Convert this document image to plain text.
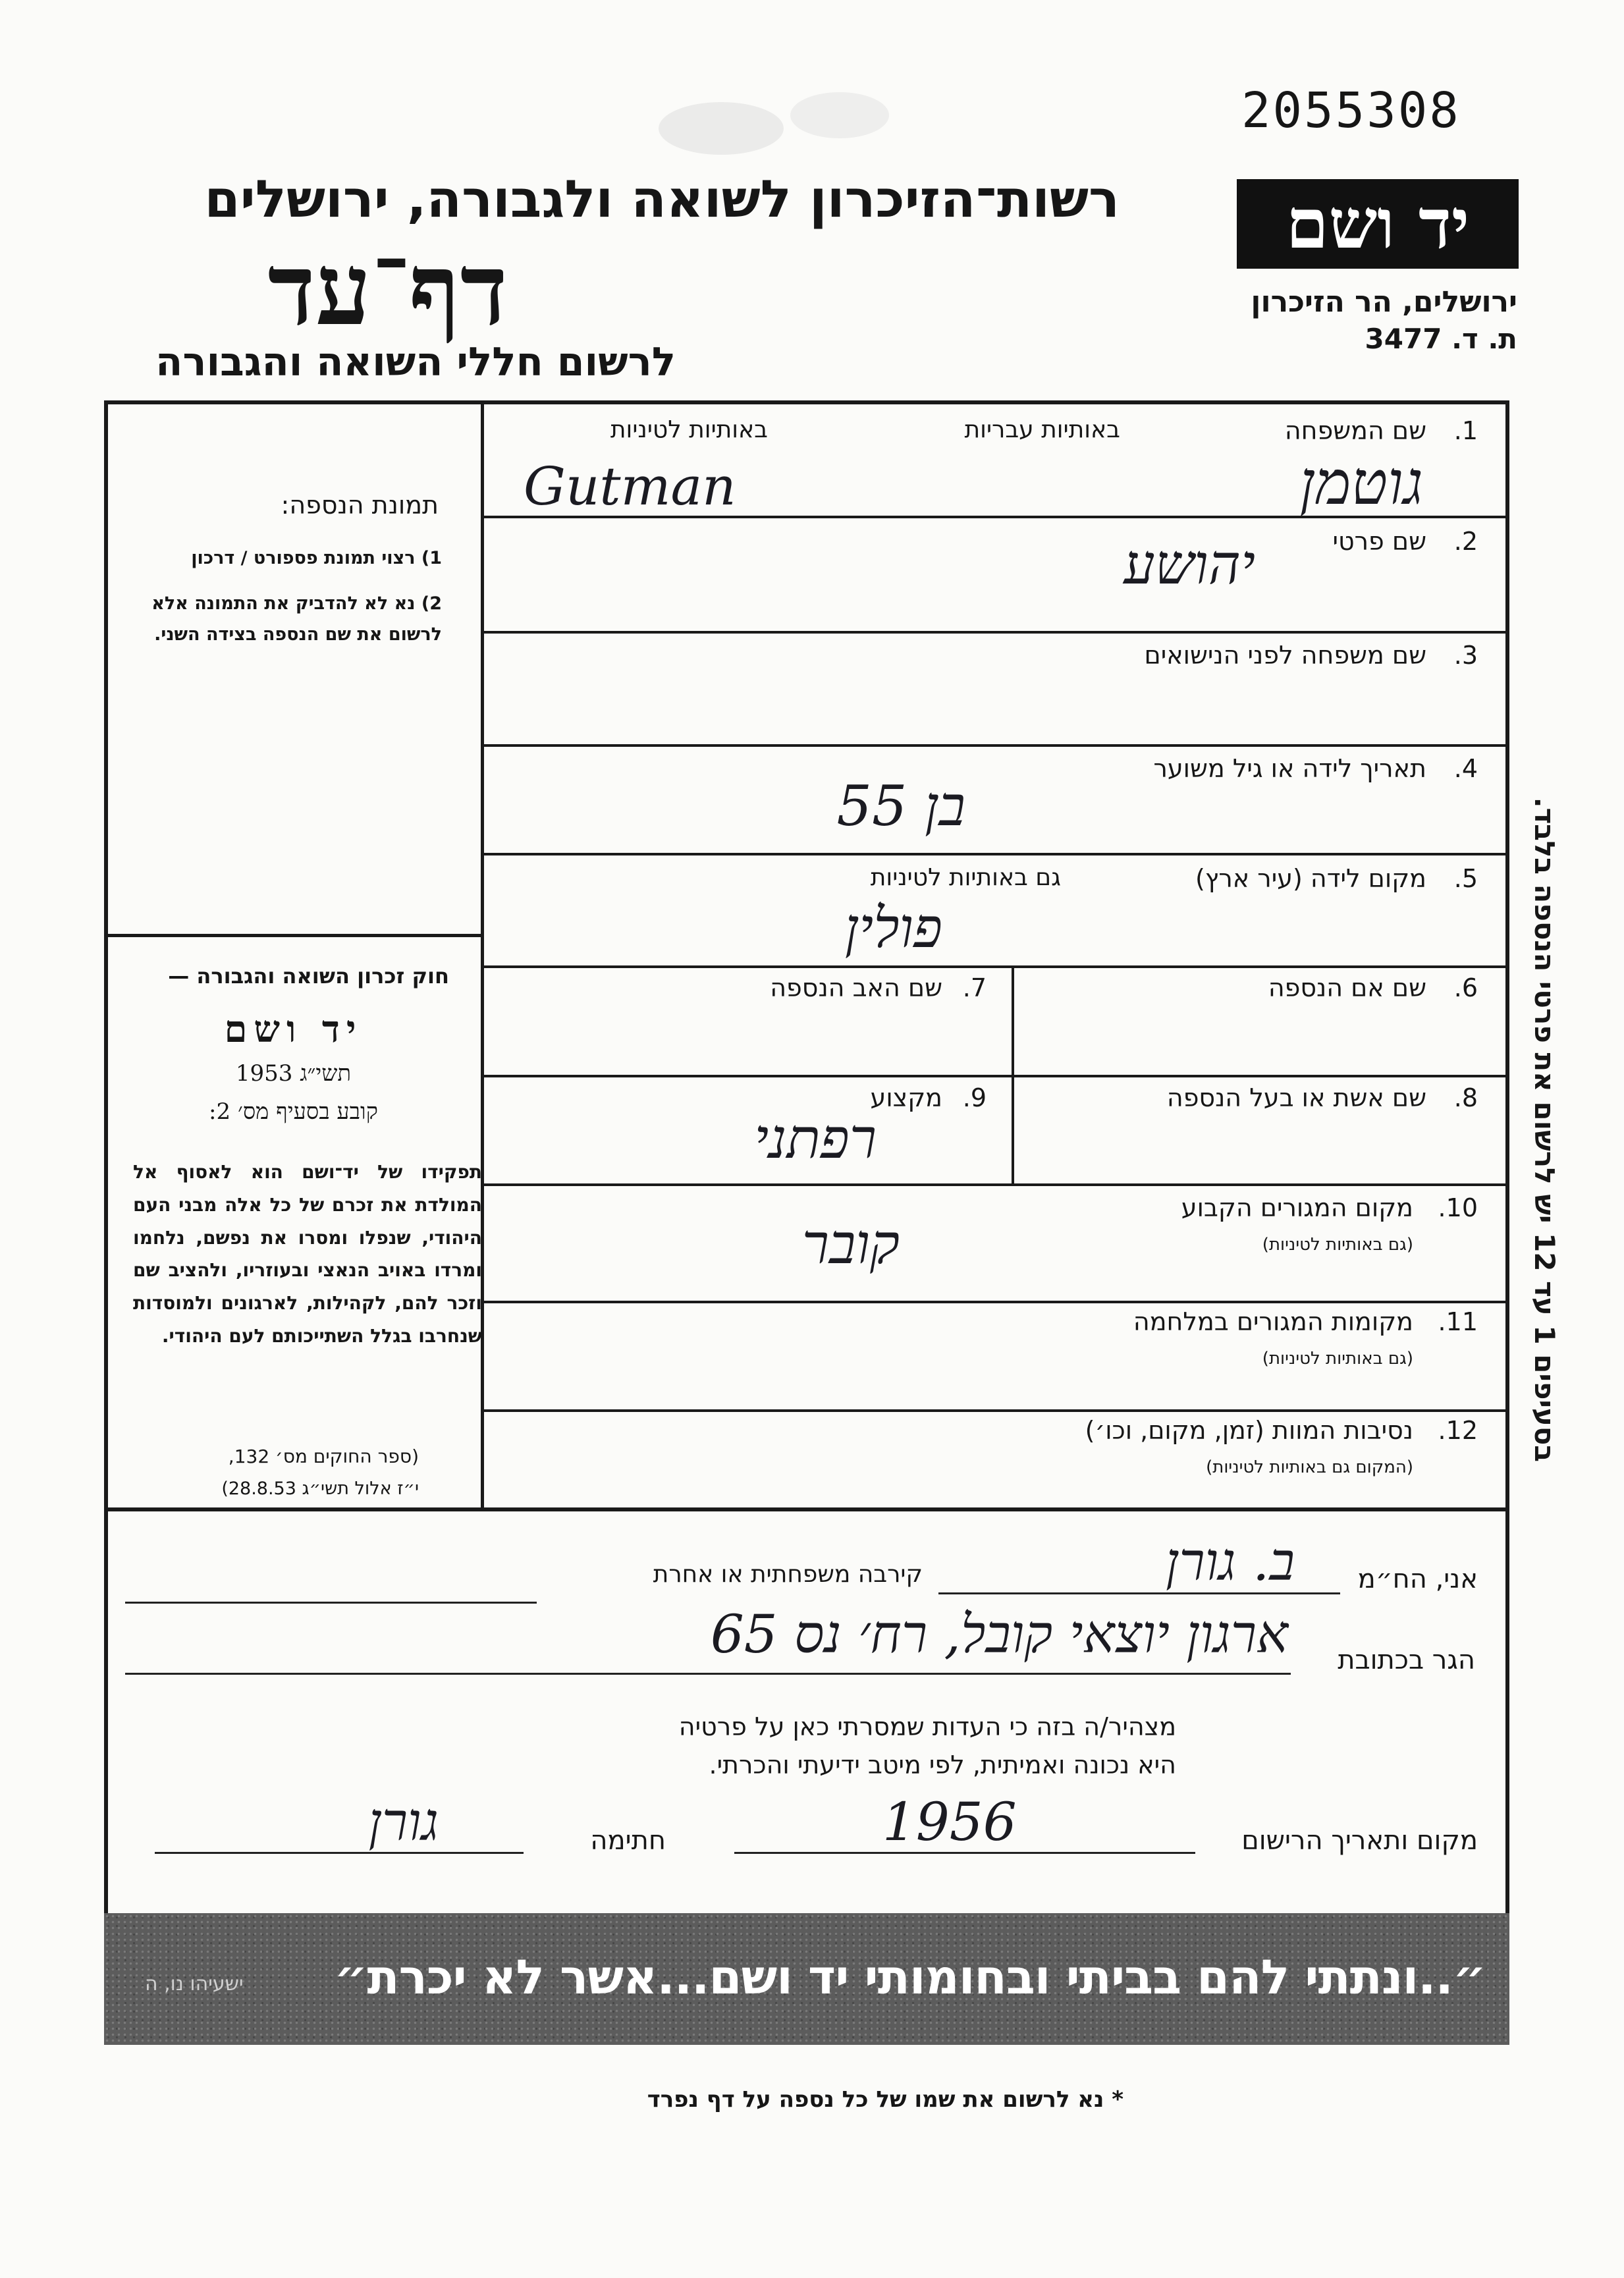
2055308
רשות־הזיכרון לשואה ולגבורה, ירושלים
דף־עד
לרשום חללי השואה והגבורה
יד ושם
ירושלים, הר הזיכרון
ת. ד. 3477
בסעיפים 1 עד 12 יש לרשום את פרטי הנספה בלבד.
תמונת הנספה:
1) רצוי תמונת פספורט / דרכון
2) נא לא להדביק את התמונה אלא לרשום את שם הנספה בצידה השני.
חוק זכרון השואה והגבורה —
יד ושם
תשי״ג 1953
קובע בסעיף מס׳ 2:
תפקידו של יד־ושם הוא לאסוף אל המולדת את זכרם של כל אלה מבני העם היהודי, שנפלו ומסרו את נפשם, נלחמו ומרדו באויב הנאצי ובעוזריו, ולהציב שם וזכר להם, לקהילות, לארגונים ולמוסדות שנחרבו בגלל השתייכותם לעם היהודי.
(ספר החוקים מס׳ 132,
י״ז אלול תשי״ג 28.8.53)
1.
שם המשפחה
באותיות עבריות
באותיות לטיניות
גוטמן
Gutman
2.
שם פרטי
יהושע
3.
שם משפחה לפני הנישואים
4.
תאריך לידה או גיל משוער
בן 55
5.
מקום לידה (עיר ארץ)
גם באותיות לטיניות
פולין
6.
שם אם הנספה
7.
שם האב הנספה
8.
שם אשת או בעל הנספה
9.
מקצוע
רפתני
10.
מקום המגורים הקבוע
(גם באותיות לטיניות)
קובר
11.
מקומות המגורים במלחמה
(גם באותיות לטיניות)
12.
נסיבות המוות (זמן, מקום, וכו׳)
(המקום גם באותיות לטיניות)
אני, הח״מ
ב. גורן
קירבה משפחתית או אחרת
הגר בכתובת
ארגון יוצאי קובל, רח׳ נס 65
מצהיר/ה בזה כי העדות שמסרתי כאן על פרטיה
היא נכונה ואמיתית, לפי מיטב ידיעתי והכרתי.
מקום ותאריך הרישום
1956
חתימה
גורן
״..ונתתי להם בביתי ובחומותי יד ושם...אשר לא יכרת״
ישעיהו נו, ה
* נא לרשום את שמו של כל נספה על דף נפרד
